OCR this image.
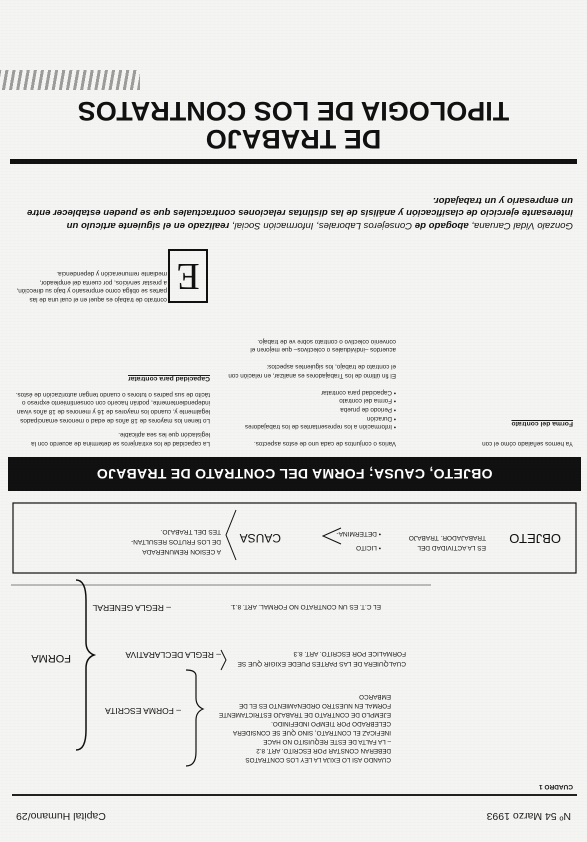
Nº 54 Marzo 1993
Capital Humano/29
CUADRO 1
OBJETO
ES LA ACTIVIDAD DEL
TRABAJADOR. TRABAJO
• LICITO
• DETERMINA-
CAUSA
A CESION REMUNERADA
DE LOS FRUTOS RESULTAN-
TES DEL TRABAJO.
FORMA
– REGLA GENERAL	EL C.T. ES UN CONTRATO NO FORMAL. ART. 8.1.
– REGLA DECLARATIVA
CUALQUIERA DE LAS PARTES PUEDE EXIGIR QUE SE
FORMALICE POR ESCRITO. ART. 8.3
– FORMA ESCRITA
CUANDO ASI LO EXIJA LA LEY LOS CONTRATOS
DEBERAN CONSTAR POR ESCRITO. ART. 8.2
– LA FALTA DE ESTE REQUISITO NO HACE
INEFICAZ EL CONTRATO, SINO QUE SE CONSIDERA
CELEBRADO POR TIEMPO INDEFINIDO.
EJEMPLO DE CONTRATO DE TRABAJO ESTRICTAMENTE
FORMAL EN NUESTRO ORDENAMIENTO ES EL DE
EMBARCO
OBJETO, CAUSA; FORMA DEL CONTRATO DE TRABAJO
Ya hemos señalado cómo el con
Forma del contrato
Varios o conjuntos de cada uno de estos aspectos.
• Información a los representantes de los trabajadores
• Duración
• Periodo de prueba
• Forma del contrato
• Capacidad para contratar
El fin último de los Trabajadores es analizar, en relación con el contrato de trabajo, los siguientes aspectos:
acuerdos –individuales o colectivos– que mejoren el convenio colectivo o contrato sobre ve de trabajo.
La capacidad de los extranjeros se determina de acuerdo con la legislación que les sea aplicable.
Lo tienen los mayores de 18 años de edad o menores emancipados legalmente y, cuando los mayores de 16 y menores de 18 años vivan independientemente, podrán hacerlo con consentimiento expreso o tácito de sus padres o tutores o cuando tengan autorización de éstos.
Capacidad para contratar
E
contrato de trabajo es aquel en el cual una de las partes se obliga como empresario y bajo su dirección, a prestar servicios, por cuenta del empleador, mediante remuneración y dependencia.
Gonzalo Vidal Caruana, abogado de Consejeros Laborales, Información Social, realizado en el siguiente artículo un interesante ejercicio de clasificación y análisis de las distintas relaciones contractuales que se pueden establecer entre un empresario y un trabajador.
TIPOLOGIA DE LOS CONTRATOS
DE TRABAJO
